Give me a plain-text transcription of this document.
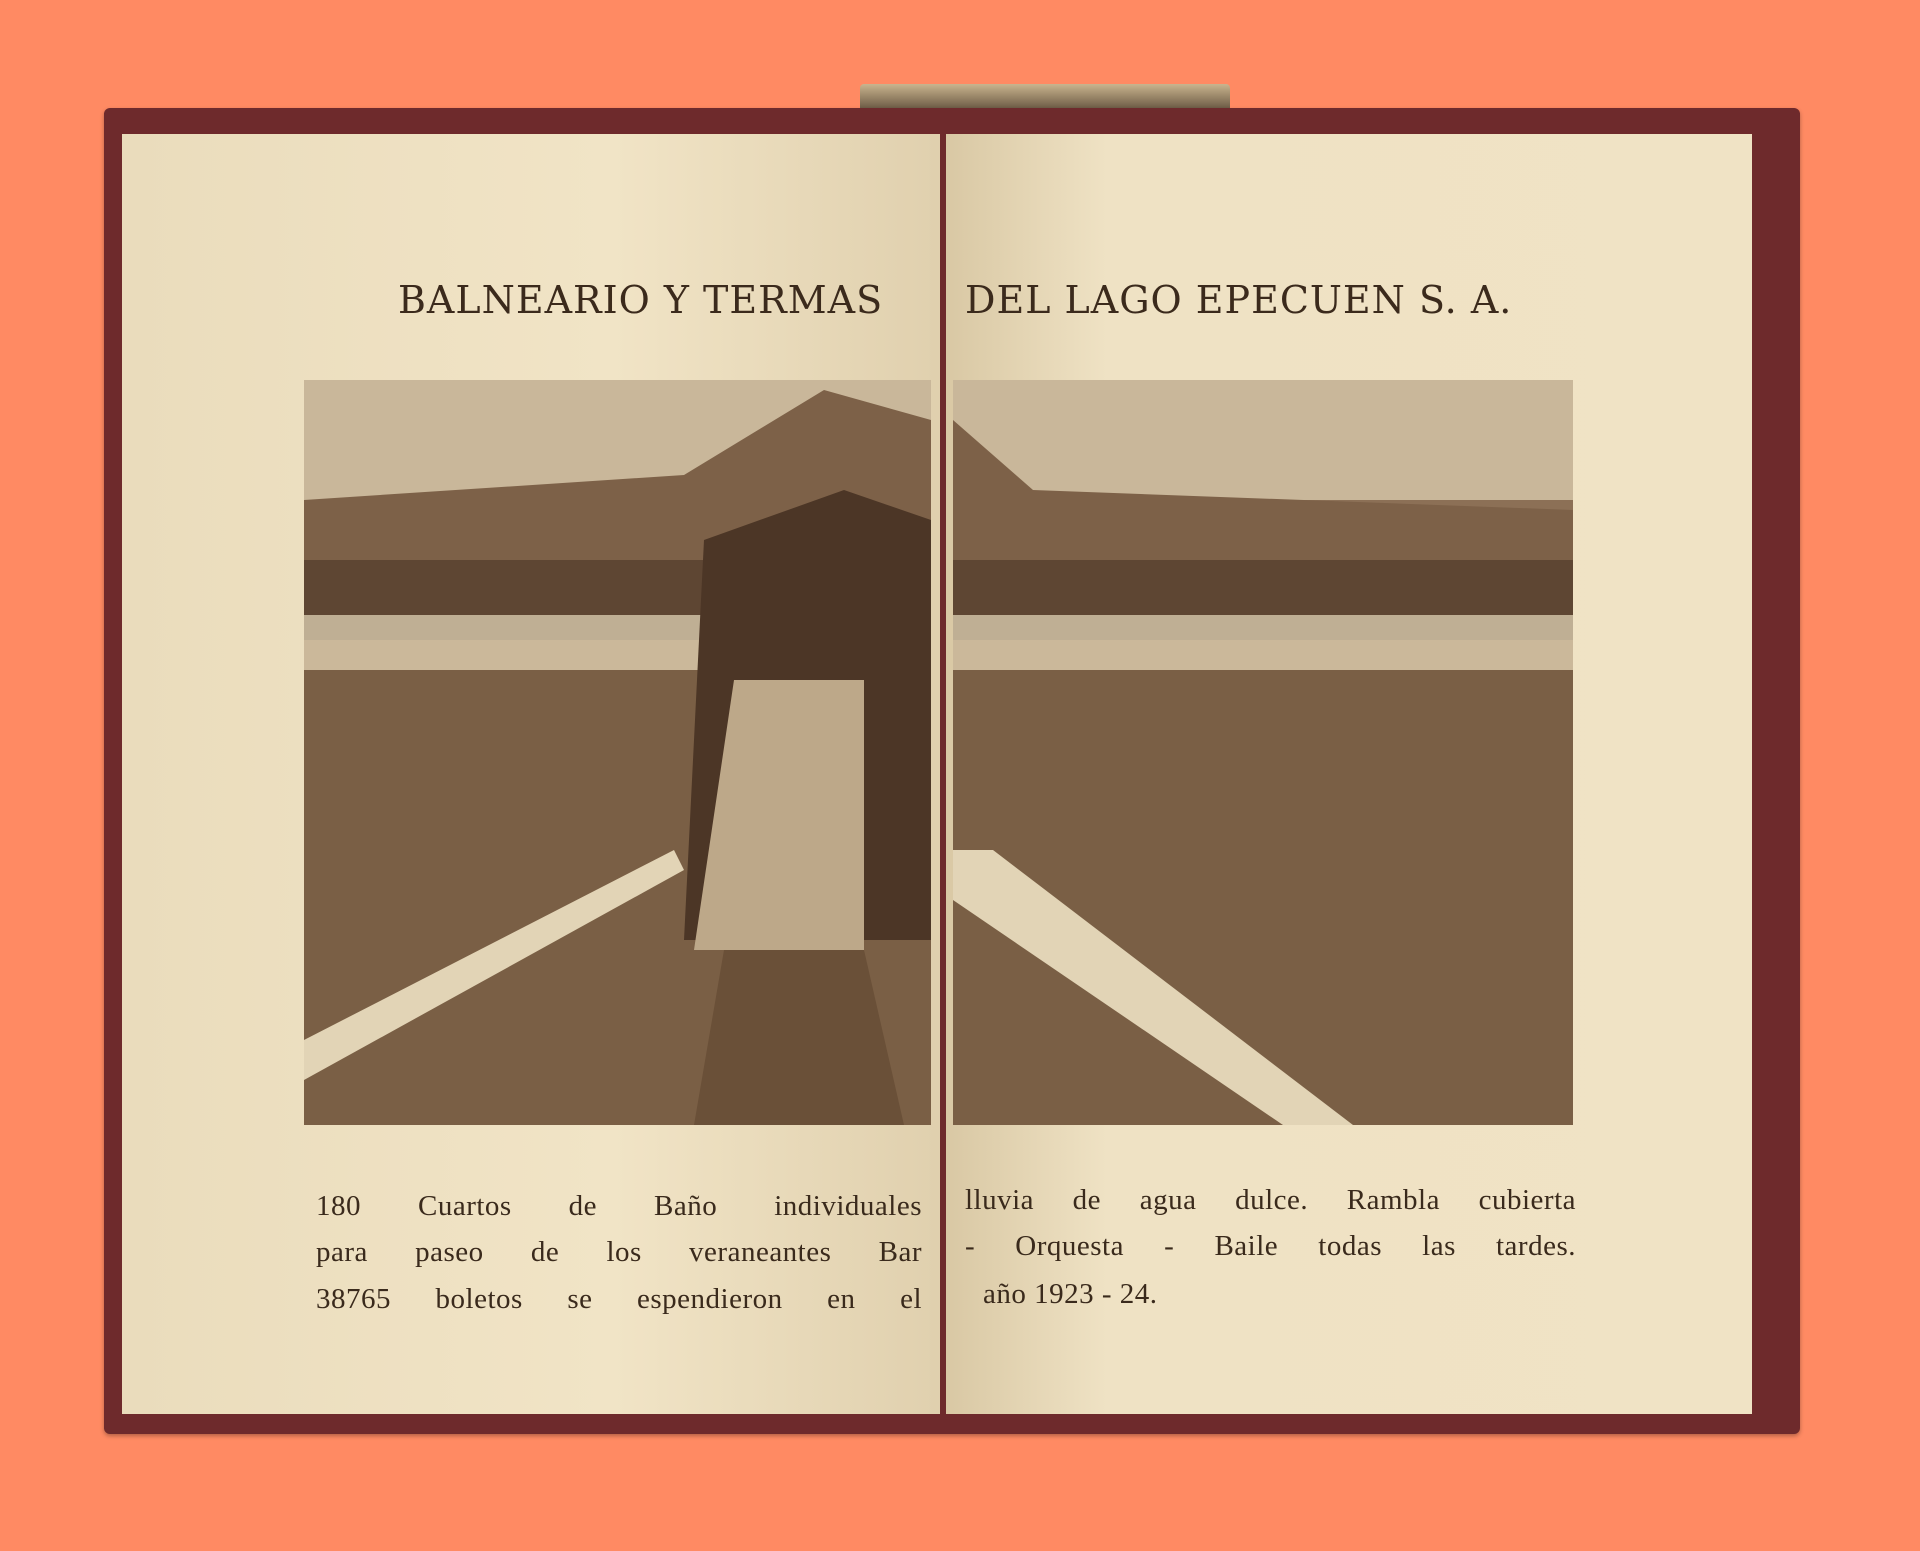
BALNEARIO Y TERMAS DEL LAGO EPECUEN S. A.
180 Cuartos de Baño individuales
para paseo de los veraneantes Bar
38765 boletos se espendieron en el
lluvia de agua dulce. Rambla cubierta
- Orquesta - Baile todas las tardes.
año 1923 - 24.
